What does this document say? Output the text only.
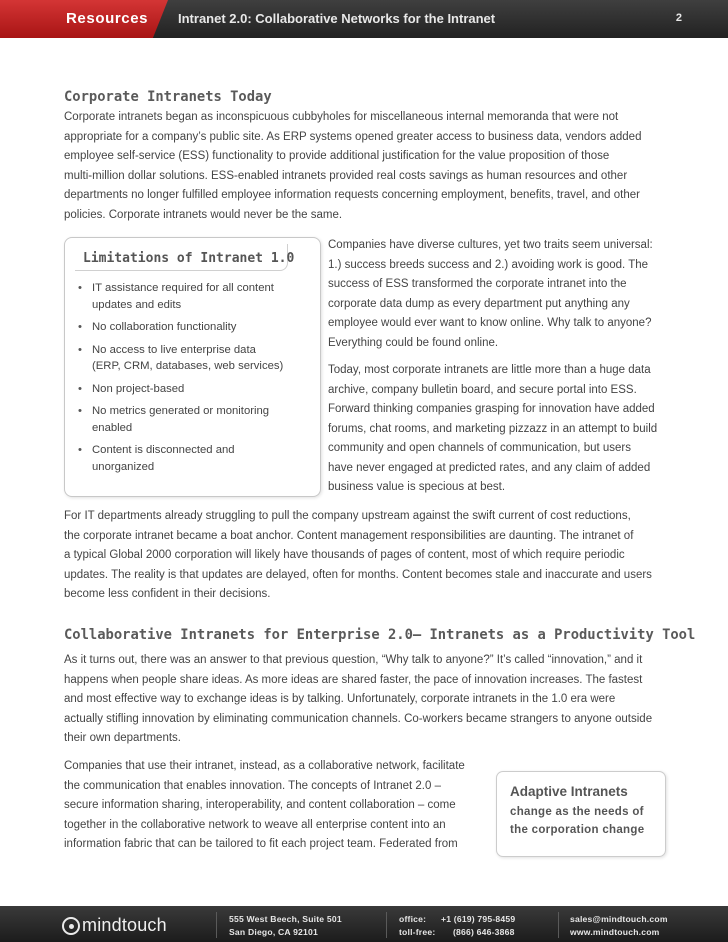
Resources Intranet 2.0: Collaborative Networks for the Intranet	2
Corporate Intranets Today
Corporate intranets began as inconspicuous cubbyholes for miscellaneous internal memoranda that were not
appropriate for a company’s public site. As ERP systems opened greater access to business data, vendors added
employee self-service (ESS) functionality to provide additional justification for the value proposition of those
multi-million dollar solutions. ESS-enabled intranets provided real costs savings as human resources and other
departments no longer fulfilled employee information requests concerning employment, benefits, travel, and other
policies. Corporate intranets would never be the same.
Limitations of Intranet 1.0
• IT assistance required for all content
updates and edits
• No collaboration functionality
• No access to live enterprise data
(ERP, CRM, databases, web services)
• Non project-based
• No metrics generated or monitoring
enabled
• Content is disconnected and
unorganized
Companies have diverse cultures, yet two traits seem universal:
1.) success breeds success and 2.) avoiding work is good. The
success of ESS transformed the corporate intranet into the
corporate data dump as every department put anything any
employee would ever want to know online. Why talk to anyone?
Everything could be found online.
Today, most corporate intranets are little more than a huge data
archive, company bulletin board, and secure portal into ESS.
Forward thinking companies grasping for innovation have added
forums, chat rooms, and marketing pizzazz in an attempt to build
community and open channels of communication, but users
have never engaged at predicted rates, and any claim of added
business value is specious at best.
For IT departments already struggling to pull the company upstream against the swift current of cost reductions,
the corporate intranet became a boat anchor. Content management responsibilities are daunting. The intranet of
a typical Global 2000 corporation will likely have thousands of pages of content, most of which require periodic
updates. The reality is that updates are delayed, often for months. Content becomes stale and inaccurate and users
become less confident in their decisions.
Collaborative Intranets for Enterprise 2.0— Intranets as a Productivity Tool
As it turns out, there was an answer to that previous question, “Why talk to anyone?” It’s called “innovation,” and it
happens when people share ideas. As more ideas are shared faster, the pace of innovation increases. The fastest
and most effective way to exchange ideas is by talking. Unfortunately, corporate intranets in the 1.0 era were
actually stifling innovation by eliminating communication channels. Co-workers became strangers to anyone outside
their own departments.
Companies that use their intranet, instead, as a collaborative network, facilitate
the communication that enables innovation. The concepts of Intranet 2.0 –
secure information sharing, interoperability, and content collaboration – come
together in the collaborative network to weave all enterprise content into an
information fabric that can be tailored to fit each project team. Federated from
Adaptive Intranets
change as the needs of the corporation change
mindtouch	555 West Beech, Suite 501
San Diego, CA 92101
office: +1 (619) 795-8459
toll-free: (866) 646-3868
sales@mindtouch.com
www.mindtouch.com
